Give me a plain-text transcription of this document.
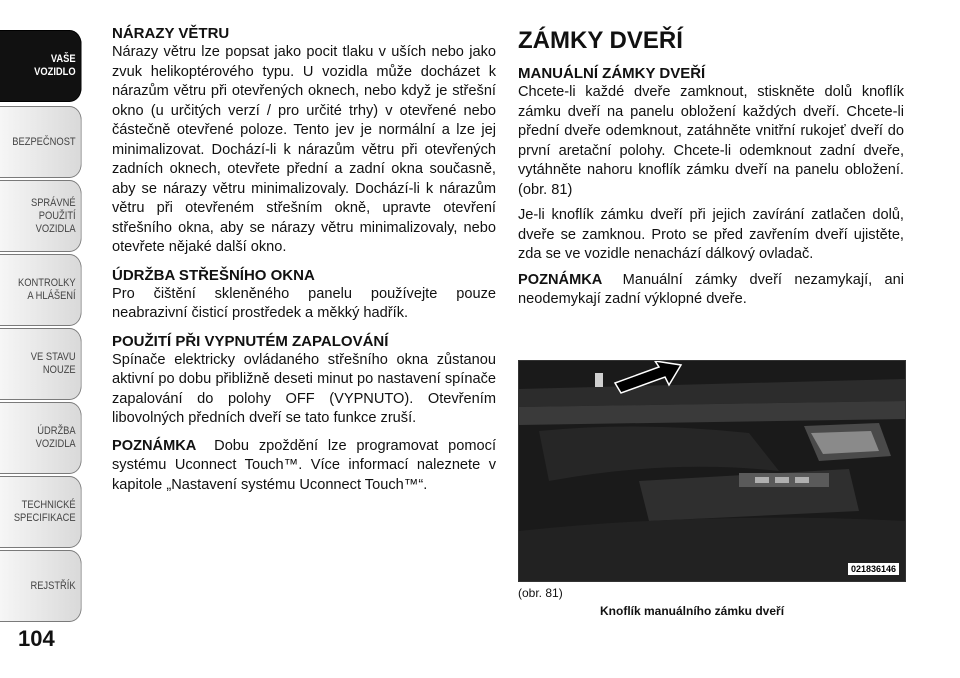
VAŠE
VOZIDLO
BEZPEČNOST
SPRÁVNÉ
POUŽITÍ
VOZIDLA
KONTROLKY
A HLÁŠENÍ
VE STAVU
NOUZE
ÚDRŽBA
VOZIDLA
TECHNICKÉ
SPECIFIKACE
REJSTŘÍK
104
NÁRAZY VĚTRU

Nárazy větru lze popsat jako pocit tlaku v uších nebo jako zvuk helikoptérového typu. U vozidla může docházet k nárazům větru při otevřených oknech, nebo když je střešní okno (u určitých verzí / pro určité trhy) v otevřené nebo částečně otevřené poloze. Tento jev je normální a lze jej minimalizovat. Dochází-li k nárazům větru při otevřených zadních oknech, otevřete přední a zadní okna současně, aby se nárazy větru minimalizovaly. Dochází-li k nárazům větru při otevřeném střešním okně, upravte otevření střešního okna, aby se nárazy větru minimalizovaly, nebo otevřete nějaké další okno.

ÚDRŽBA STŘEŠNÍHO OKNA

Pro čištění skleněného panelu používejte pouze neabrazivní čisticí prostředek a měkký hadřík.

POUŽITÍ PŘI VYPNUTÉM ZAPALOVÁNÍ

Spínače elektricky ovládaného střešního okna zůstanou aktivní po dobu přibližně deseti minut po nastavení spínače zapalování do polohy OFF (VYPNUTO). Otevřením libovolných předních dveří se tato funkce zruší.

POZNÁMKA Dobu zpoždění lze programovat pomocí systému Uconnect Touch™. Více informací naleznete v kapitole „Nastavení systému Uconnect Touch™“.

ZÁMKY DVEŘÍ
MANUÁLNÍ ZÁMKY DVEŘÍ

Chcete-li každé dveře zamknout, stiskněte dolů knoflík zámku dveří na panelu obložení každých dveří. Chcete-li přední dveře odemknout, zatáhněte vnitřní rukojeť dveří do první aretační polohy. Chcete-li odemknout zadní dveře, vytáhněte nahoru knoflík zámku dveří na panelu obložení. (obr. 81)

Je-li knoflík zámku dveří při jejich zavírání zatlačen dolů, dveře se zamknou. Proto se před zavřením dveří ujistěte, zda se ve vozidle nenachází dálkový ovladač.

POZNÁMKA Manuální zámky dveří nezamykají, ani neodemykají zadní výklopné dveře.

021836146
(obr. 81)
Knoflík manuálního zámku dveří
